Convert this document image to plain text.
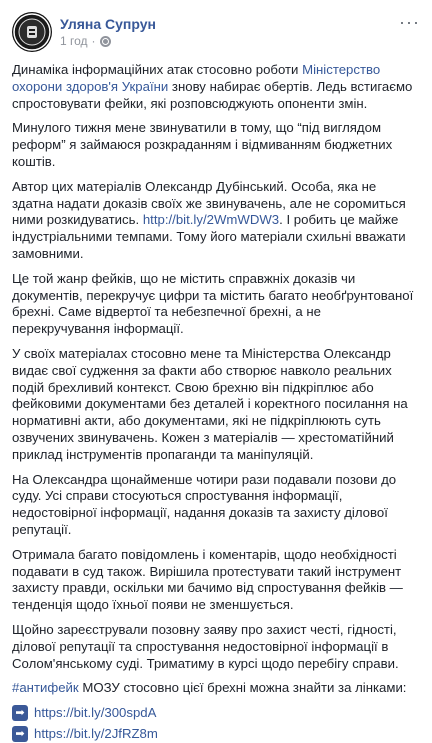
Уляна Супрун
1 год ·
···

Динаміка інформаційних атак стосовно роботи Міністерство охорони здоров'я України знову набирає обертів. Ледь встигаємо спростовувати фейки, які розповсюджують опоненти змін.

Минулого тижня мене звинуватили в тому, що “під виглядом реформ” я займаюся розкраданням і відмиванням бюджетних коштів.

Автор цих матеріалів Олександр Дубінський. Особа, яка не здатна надати доказів своїх же звинувачень, але не соромиться ними розкидуватись. http://bit.ly/2WmWDW3. І робить це майже індустріальними темпами. Тому його матеріали схильні вважати замовними.

Це той жанр фейків, що не містить справжніх доказів чи документів, перекручує цифри та містить багато необґрунтованої брехні. Саме відвертої та небезпечної брехні, а не перекручування інформації.

У своїх матеріалах стосовно мене та Міністерства Олександр видає свої судження за факти або створює навколо реальних подій брехливий контекст. Свою брехню він підкріплює або фейковими документами без деталей і коректного посилання на нормативні акти, або документами, які не підкріплюють суть озвучених звинувачень. Кожен з матеріалів — хрестоматійний приклад інструментів пропаганди та маніпуляцій.

На Олександра щонайменше чотири рази подавали позови до суду. Усі справи стосуються спростування інформації, недостовірної інформації, надання доказів та захисту ділової репутації.

Отримала багато повідомлень і коментарів, щодо необхідності подавати в суд також. Вирішила протестувати такий інструмент захисту правди, оскільки ми бачимо від спростування фейків — тенденція щодо їхньої появи не зменшується.

Щойно зареєстрували позовну заяву про захист честі, гідності, ділової репутації та спростування недостовірної інформації в Солом'янському суді. Триматиму в курсі щодо перебігу справи.

#антифейк МОЗУ стосовно цієї брехні можна знайти за лінками:

➡ https://bit.ly/300spdA
➡ https://bit.ly/2JfRZ8m
